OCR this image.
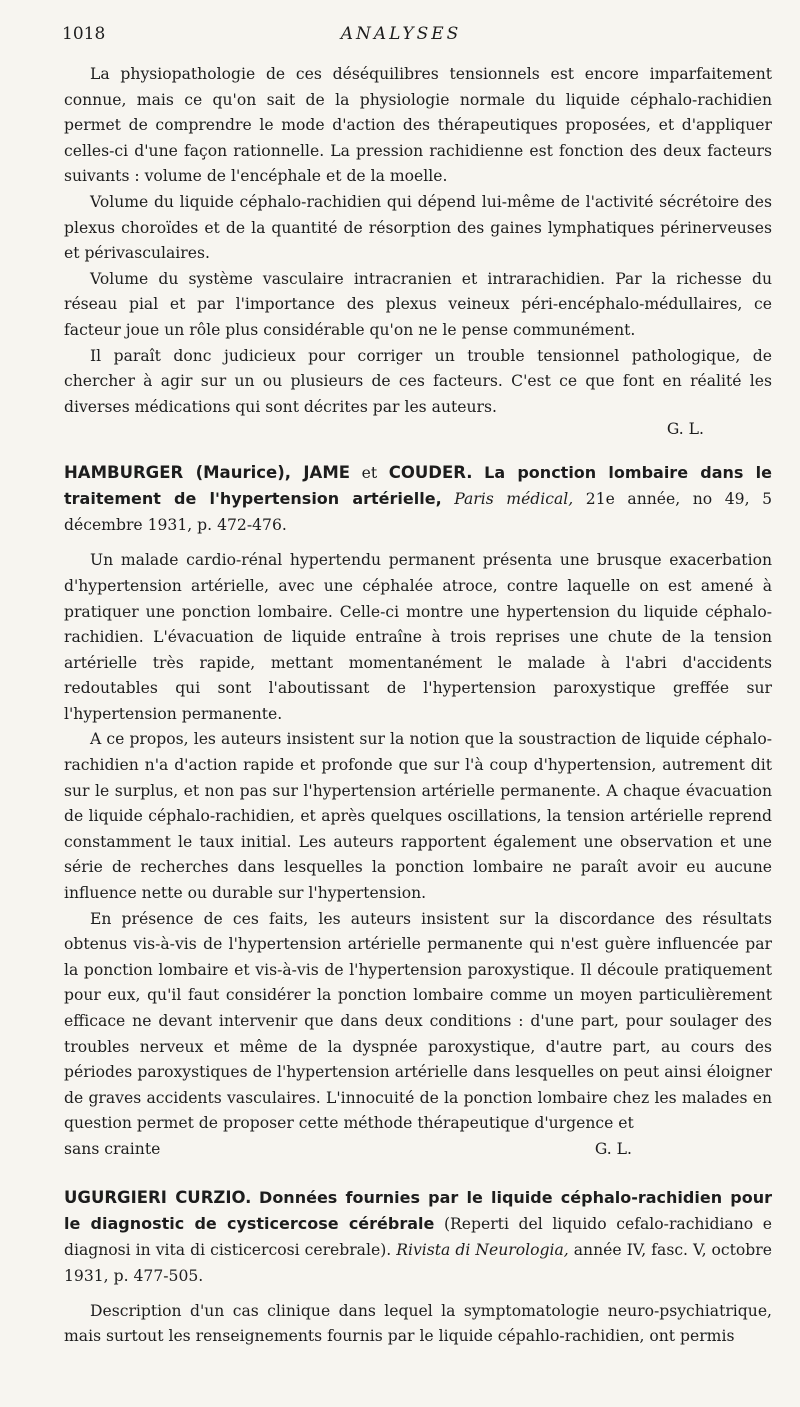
1018	ANALYSES

La physiopathologie de ces déséquilibres tensionnels est encore imparfaitement connue, mais ce qu'on sait de la physiologie normale du liquide céphalo-rachidien permet de comprendre le mode d'action des thérapeutiques proposées, et d'appliquer celles-ci d'une façon rationnelle. La pression rachidienne est fonction des deux facteurs suivants : volume de l'encéphale et de la moelle.

Volume du liquide céphalo-rachidien qui dépend lui-même de l'activité sécrétoire des plexus choroïdes et de la quantité de résorption des gaines lymphatiques périnerveuses et périvasculaires.

Volume du système vasculaire intracranien et intrarachidien. Par la richesse du réseau pial et par l'importance des plexus veineux péri-encéphalo-médullaires, ce facteur joue un rôle plus considérable qu'on ne le pense communément.

Il paraît donc judicieux pour corriger un trouble tensionnel pathologique, de chercher à agir sur un ou plusieurs de ces facteurs. C'est ce que font en réalité les diverses médications qui sont décrites par les auteurs.

G. L.

HAMBURGER (Maurice), JAME et COUDER. La ponction lombaire dans le traitement de l'hypertension artérielle, Paris médical, 21e année, no 49, 5 décembre 1931, p. 472-476.

Un malade cardio-rénal hypertendu permanent présenta une brusque exacerbation d'hypertension artérielle, avec une céphalée atroce, contre laquelle on est amené à pratiquer une ponction lombaire. Celle-ci montre une hypertension du liquide céphalo-rachidien. L'évacuation de liquide entraîne à trois reprises une chute de la tension artérielle très rapide, mettant momentanément le malade à l'abri d'accidents redoutables qui sont l'aboutissant de l'hypertension paroxystique greffée sur l'hypertension permanente.

A ce propos, les auteurs insistent sur la notion que la soustraction de liquide céphalo-rachidien n'a d'action rapide et profonde que sur l'à coup d'hypertension, autrement dit sur le surplus, et non pas sur l'hypertension artérielle permanente. A chaque évacuation de liquide céphalo-rachidien, et après quelques oscillations, la tension artérielle reprend constamment le taux initial. Les auteurs rapportent également une observation et une série de recherches dans lesquelles la ponction lombaire ne paraît avoir eu aucune influence nette ou durable sur l'hypertension.

En présence de ces faits, les auteurs insistent sur la discordance des résultats obtenus vis-à-vis de l'hypertension artérielle permanente qui n'est guère influencée par la ponction lombaire et vis-à-vis de l'hypertension paroxystique. Il découle pratiquement pour eux, qu'il faut considérer la ponction lombaire comme un moyen particulièrement efficace ne devant intervenir que dans deux conditions : d'une part, pour soulager des troubles nerveux et même de la dyspnée paroxystique, d'autre part, au cours des périodes paroxystiques de l'hypertension artérielle dans lesquelles on peut ainsi éloigner de graves accidents vasculaires. L'innocuité de la ponction lombaire chez les malades en question permet de proposer cette méthode thérapeutique d'urgence et

sans crainte	G. L.

UGURGIERI CURZIO. Données fournies par le liquide céphalo-rachidien pour le diagnostic de cysticercose cérébrale (Reperti del liquido cefalo-rachidiano e diagnosi in vita di cisticercosi cerebrale). Rivista di Neurologia, année IV, fasc. V, octobre 1931, p. 477-505.

Description d'un cas clinique dans lequel la symptomatologie neuro-psychiatrique, mais surtout les renseignements fournis par le liquide cépahlo-rachidien, ont permis
